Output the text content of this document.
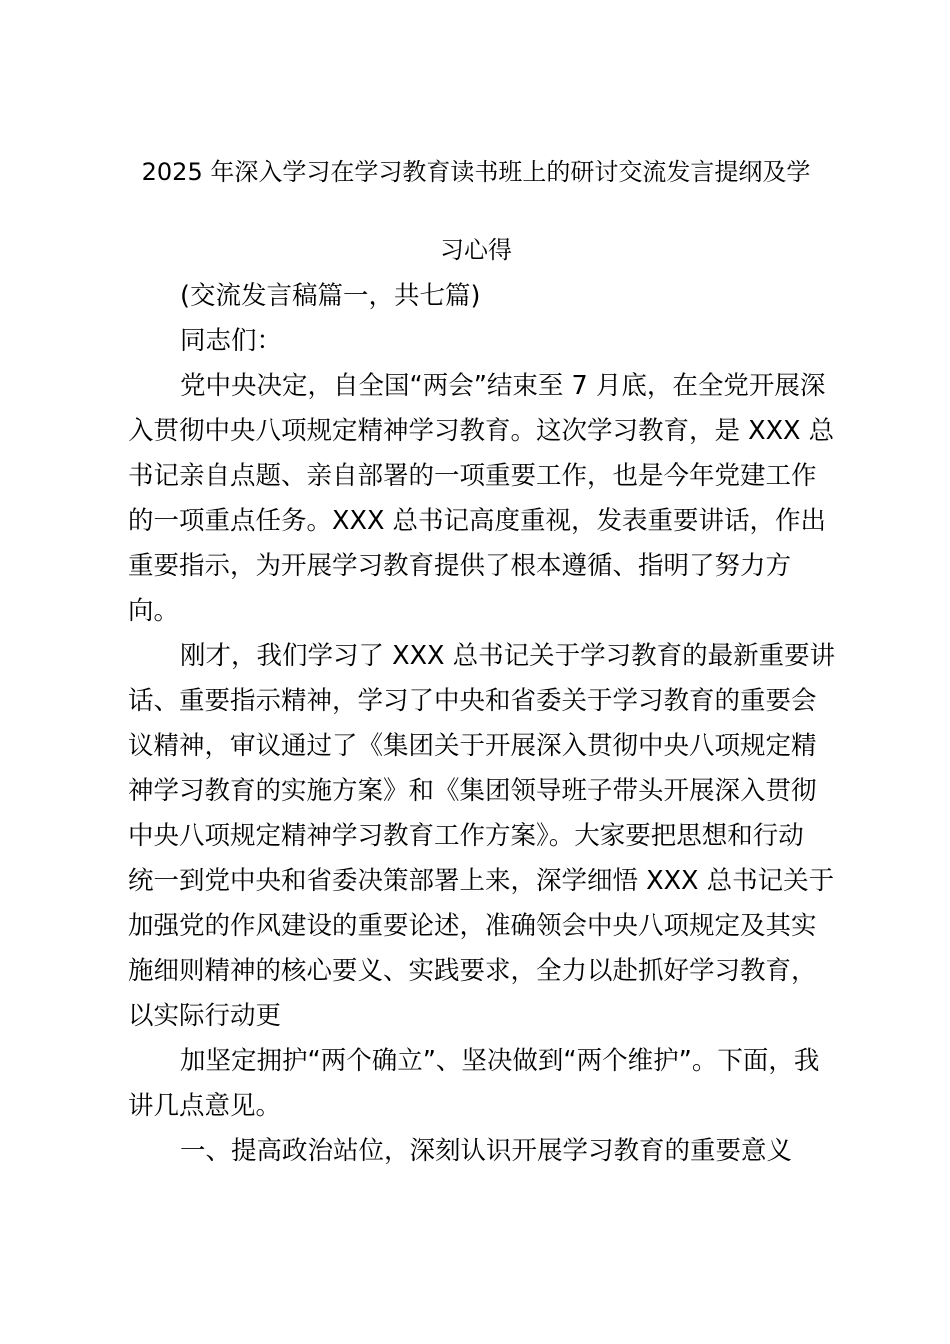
2025 年深入学习在学习教育读书班上的研讨交流发言提纲及学
习心得

(交流发言稿篇一，共七篇)

同志们：

党中央决定，自全国“两会”结束至 7 月底，在全党开展深

入贯彻中央八项规定精神学习教育。这次学习教育，是 XXX 总

书记亲自点题、亲自部署的一项重要工作，也是今年党建工作

的一项重点任务。XXX 总书记高度重视，发表重要讲话，作出

重要指示，为开展学习教育提供了根本遵循、指明了努力方

向。

刚才，我们学习了 XXX 总书记关于学习教育的最新重要讲

话、重要指示精神，学习了中央和省委关于学习教育的重要会

议精神，审议通过了《集团关于开展深入贯彻中央八项规定精

神学习教育的实施方案》和《集团领导班子带头开展深入贯彻

中央八项规定精神学习教育工作方案》。大家要把思想和行动

统一到党中央和省委决策部署上来，深学细悟 XXX 总书记关于

加强党的作风建设的重要论述，准确领会中央八项规定及其实

施细则精神的核心要义、实践要求，全力以赴抓好学习教育，

以实际行动更

加坚定拥护“两个确立”、坚决做到“两个维护”。下面，我

讲几点意见。

一、提高政治站位，深刻认识开展学习教育的重要意义
